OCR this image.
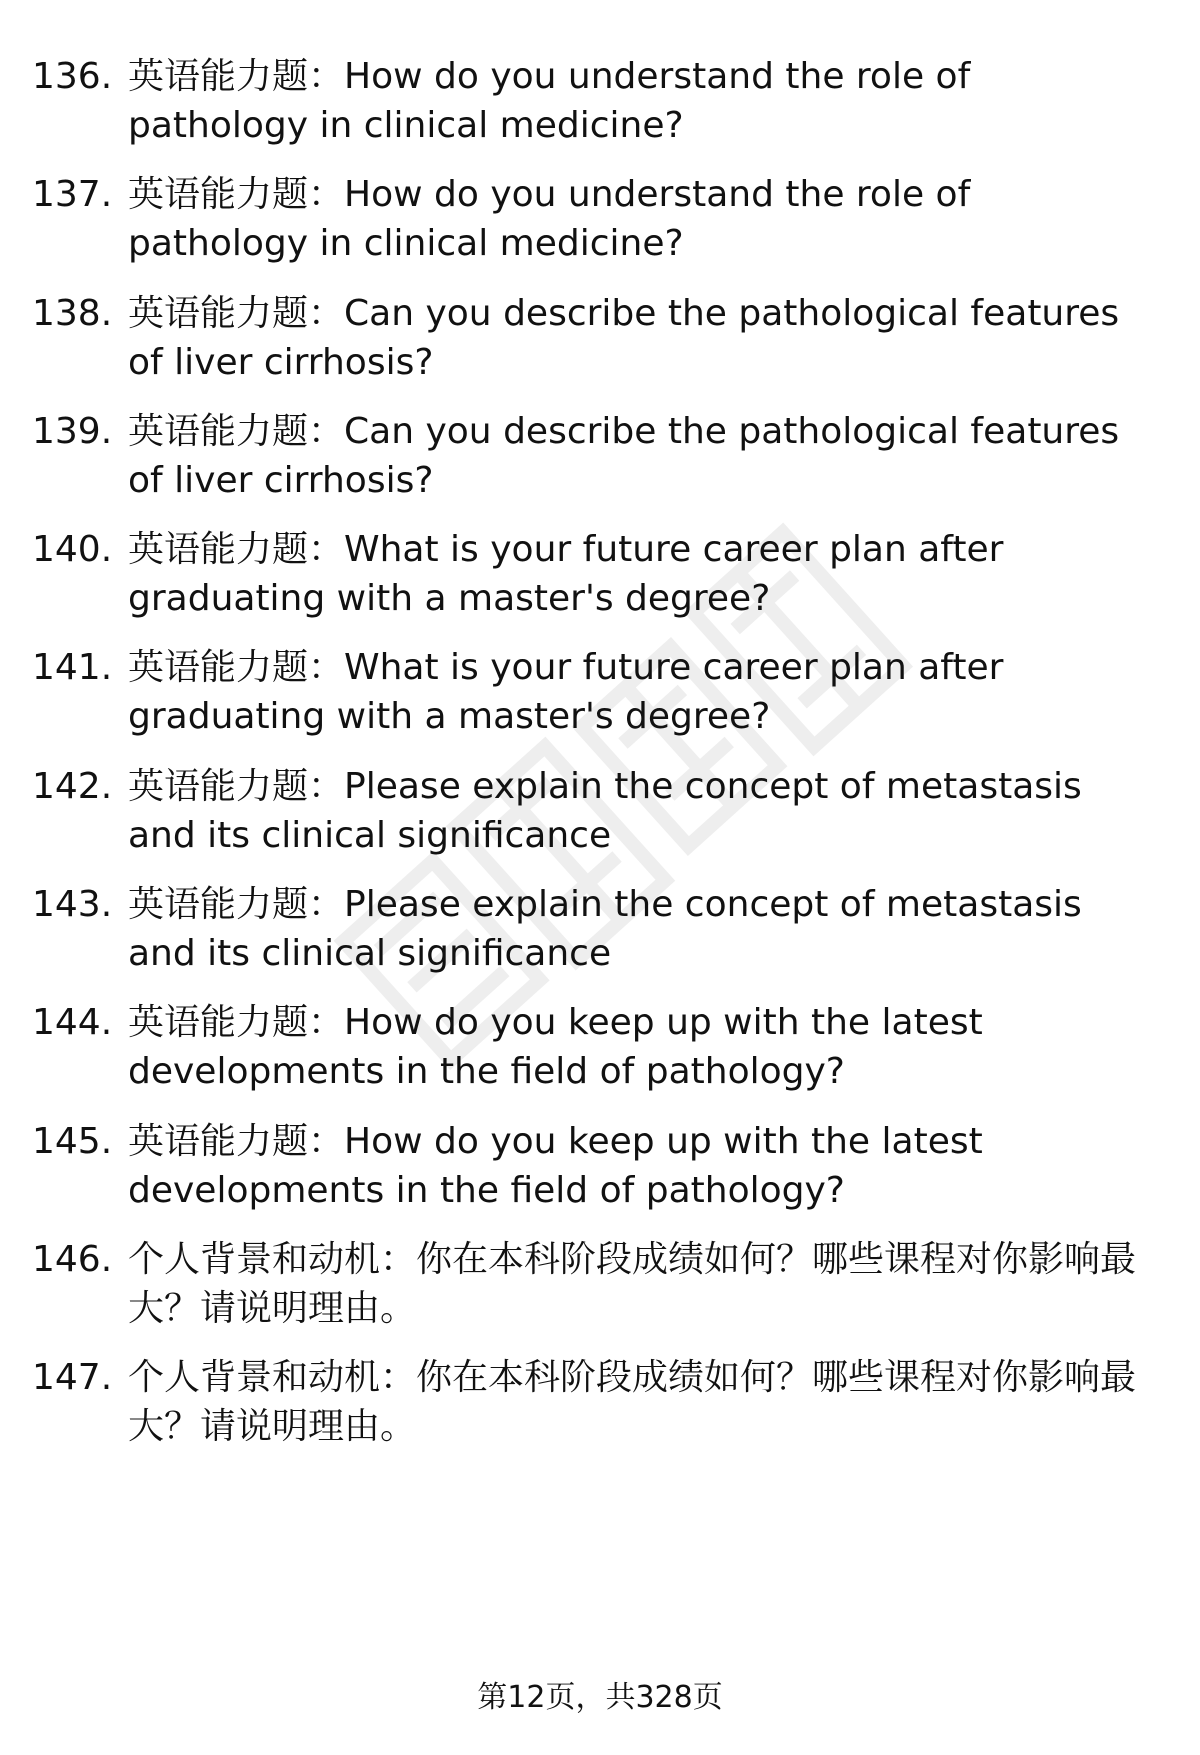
136. 英语能力题：How do you understand the role of pathology in clinical medicine?
137. 英语能力题：How do you understand the role of pathology in clinical medicine?
138. 英语能力题：Can you describe the pathological features of liver cirrhosis?
139. 英语能力题：Can you describe the pathological features of liver cirrhosis?
140. 英语能力题：What is your future career plan after graduating with a master's degree?
141. 英语能力题：What is your future career plan after graduating with a master's degree?
142. 英语能力题：Please explain the concept of metastasis and its clinical significance
143. 英语能力题：Please explain the concept of metastasis and its clinical significance
144. 英语能力题：How do you keep up with the latest developments in the field of pathology?
145. 英语能力题：How do you keep up with the latest developments in the field of pathology?
146. 个人背景和动机：你在本科阶段成绩如何？哪些课程对你影响最大？请说明理由。
147. 个人背景和动机：你在本科阶段成绩如何？哪些课程对你影响最大？请说明理由。
第12页，共328页
